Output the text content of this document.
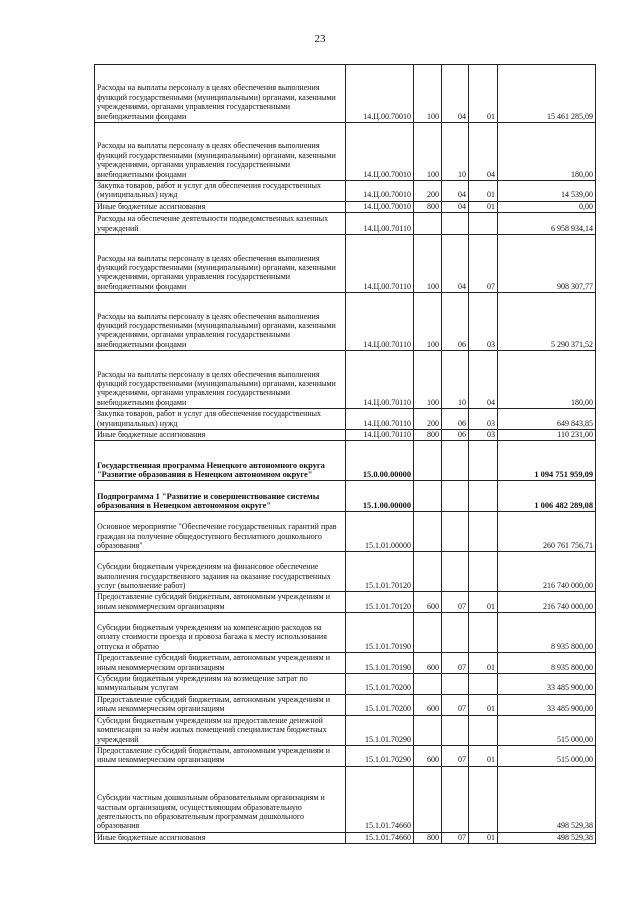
23
Расходы на выплаты персоналу в целях обеспечения выполнения функций государственными (муниципальными) органами, казенными учреждениями, органами управления государственными внебюджетными фондами	14.Ц.00.70010	100	04	01	15 461 285,09
Расходы на выплаты персоналу в целях обеспечения выполнения функций государственными (муниципальными) органами, казенными учреждениями, органами управления государственными внебюджетными фондами	14.Ц.00.70010	100	10	04	180,00
Закупка товаров, работ и услуг для обеспечения государственных (муниципальных) нужд	14.Ц.00.70010	200	04	01	14 539,00
Иные бюджетные ассигнования	14.Ц.00.70010	800	04	01	0,00
Расходы на обеспечение деятельности подведомственных казенных учреждений	14.Ц.00.70110				6 958 934,14
Расходы на выплаты персоналу в целях обеспечения выполнения функций государственными (муниципальными) органами, казенными учреждениями, органами управления государственными внебюджетными фондами	14.Ц.00.70110	100	04	07	908 307,77
Расходы на выплаты персоналу в целях обеспечения выполнения функций государственными (муниципальными) органами, казенными учреждениями, органами управления государственными внебюджетными фондами	14.Ц.00.70110	100	06	03	5 290 371,52
Расходы на выплаты персоналу в целях обеспечения выполнения функций государственными (муниципальными) органами, казенными учреждениями, органами управления государственными внебюджетными фондами	14.Ц.00.70110	100	10	04	180,00
Закупка товаров, работ и услуг для обеспечения государственных (муниципальных) нужд	14.Ц.00.70110	200	06	03	649 843,85
Иные бюджетные ассигнования	14.Ц.00.70110	800	06	03	110 231,00
Государственная программа Ненецкого автономного округа "Развитие образования в Ненецком автономном округе"	15.0.00.00000				1 094 751 959,09
Подпрограмма 1 "Развитие и совершенствование системы образования в Ненецком автономном округе"	15.1.00.00000				1 006 482 289,08
Основное мероприятие "Обеспечение государственных гарантий прав граждан на получение общедоступного бесплатного дошкольного образования"	15.1.01.00000				260 761 756,71
Субсидии бюджетным учреждениям на финансовое обеспечение выполнения государственного задания на оказание государственных услуг (выполнение работ)	15.1.01.70120				216 740 000,00
Предоставление субсидий бюджетным, автономным учреждениям и иным некоммерческим организациям	15.1.01.70120	600	07	01	216 740 000,00
Субсидии бюджетным учреждениям на компенсацию расходов на оплату стоимости проезда и провоза багажа к месту использования отпуска и обратно	15.1.01.70190				8 935 800,00
Предоставление субсидий бюджетным, автономным учреждениям и иным некоммерческим организациям	15.1.01.70190	600	07	01	8 935 800,00
Субсидии бюджетным учреждениям на возмещение затрат по коммунальным услугам	15.1.01.70200				33 485 900,00
Предоставление субсидий бюджетным, автономным учреждениям и иным некоммерческим организациям	15.1.01.70200	600	07	01	33 485 900,00
Субсидии бюджетным учреждениям на предоставление денежной компенсации за наём жилых помещений специалистам бюджетных учреждений	15.1.01.70290				515 000,00
Предоставление субсидий бюджетным, автономным учреждениям и иным некоммерческим организациям	15.1.01.70290	600	07	01	515 000,00
Субсидии частным дошкольным образовательным организациям и частным организациям, осуществляющим образовательную деятельность по образовательным программам дошкольного образования	15.1.01.74660				498 529,38
Иные бюджетные ассигнования	15.1.01.74660	800	07	01	498 529,38
